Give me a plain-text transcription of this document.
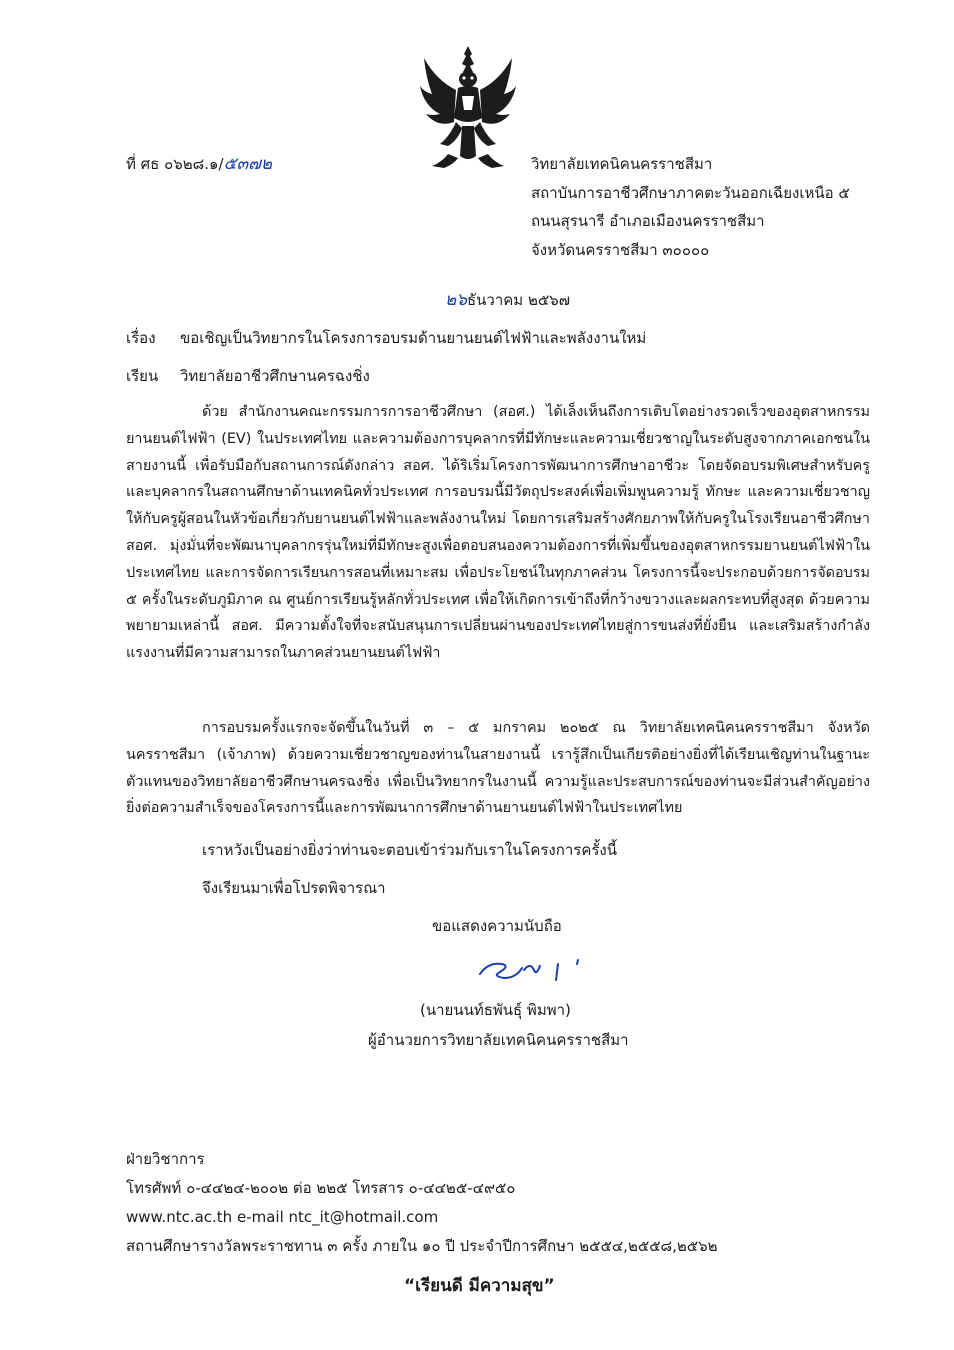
ที่ ศธ ๐๖๒๘.๑/๕๓๗๒	วิทยาลัยเทคนิคนครราชสีมา
สถาบันการอาชีวศึกษาภาคตะวันออกเฉียงเหนือ ๕
ถนนสุรนารี อำเภอเมืองนครราชสีมา
จังหวัดนครราชสีมา ๓๐๐๐๐
๒๖ธันวาคม ๒๕๖๗
เรื่อง ขอเชิญเป็นวิทยากรในโครงการอบรมด้านยานยนต์ไฟฟ้าและพลังงานใหม่
เรียน วิทยาลัยอาชีวศึกษานครฉงชิ่ง

ด้วย สำนักงานคณะกรรมการการอาชีวศึกษา (สอศ.) ได้เล็งเห็นถึงการเติบโตอย่างรวดเร็วของอุตสาหกรรมยานยนต์ไฟฟ้า (EV) ในประเทศไทย และความต้องการบุคลากรที่มีทักษะและความเชี่ยวชาญในระดับสูงจากภาคเอกชนในสายงานนี้ เพื่อรับมือกับสถานการณ์ดังกล่าว สอศ. ได้ริเริ่มโครงการพัฒนาการศึกษาอาชีวะ โดยจัดอบรมพิเศษสำหรับครูและบุคลากรในสถานศึกษาด้านเทคนิคทั่วประเทศ การอบรมนี้มีวัตถุประสงค์เพื่อเพิ่มพูนความรู้ ทักษะ และความเชี่ยวชาญให้กับครูผู้สอนในหัวข้อเกี่ยวกับยานยนต์ไฟฟ้าและพลังงานใหม่ โดยการเสริมสร้างศักยภาพให้กับครูในโรงเรียนอาชีวศึกษา สอศ. มุ่งมั่นที่จะพัฒนาบุคลากรรุ่นใหม่ที่มีทักษะสูงเพื่อตอบสนองความต้องการที่เพิ่มขึ้นของอุตสาหกรรมยานยนต์ไฟฟ้าในประเทศไทย และการจัดการเรียนการสอนที่เหมาะสม เพื่อประโยชน์ในทุกภาคส่วน โครงการนี้จะประกอบด้วยการจัดอบรม ๕ ครั้งในระดับภูมิภาค ณ ศูนย์การเรียนรู้หลักทั่วประเทศ เพื่อให้เกิดการเข้าถึงที่กว้างขวางและผลกระทบที่สูงสุด ด้วยความพยายามเหล่านี้ สอศ. มีความตั้งใจที่จะสนับสนุนการเปลี่ยนผ่านของประเทศไทยสู่การขนส่งที่ยั่งยืน และเสริมสร้างกำลังแรงงานที่มีความสามารถในภาคส่วนยานยนต์ไฟฟ้า

การอบรมครั้งแรกจะจัดขึ้นในวันที่ ๓ – ๕ มกราคม ๒๐๒๕ ณ วิทยาลัยเทคนิคนครราชสีมา จังหวัดนครราชสีมา (เจ้าภาพ) ด้วยความเชี่ยวชาญของท่านในสายงานนี้ เรารู้สึกเป็นเกียรติอย่างยิ่งที่ได้เรียนเชิญท่านในฐานะตัวแทนของวิทยาลัยอาชีวศึกษานครฉงชิ่ง เพื่อเป็นวิทยากรในงานนี้ ความรู้และประสบการณ์ของท่านจะมีส่วนสำคัญอย่างยิ่งต่อความสำเร็จของโครงการนี้และการพัฒนาการศึกษาด้านยานยนต์ไฟฟ้าในประเทศไทย

เราหวังเป็นอย่างยิ่งว่าท่านจะตอบเข้าร่วมกับเราในโครงการครั้งนี้
จึงเรียนมาเพื่อโปรดพิจารณา
ขอแสดงความนับถือ
(นายนนท์ธพันธุ์ พิมพา)
ผู้อำนวยการวิทยาลัยเทคนิคนครราชสีมา
ฝ่ายวิชาการ
โทรศัพท์ ๐-๔๔๒๔-๒๐๐๒ ต่อ ๒๒๕ โทรสาร ๐-๔๔๒๕-๔๙๕๐
www.ntc.ac.th e-mail ntc_it@hotmail.com
สถานศึกษารางวัลพระราชทาน ๓ ครั้ง ภายใน ๑๐ ปี ประจำปีการศึกษา ๒๕๕๔,๒๕๕๘,๒๕๖๒
“เรียนดี มีความสุข”
